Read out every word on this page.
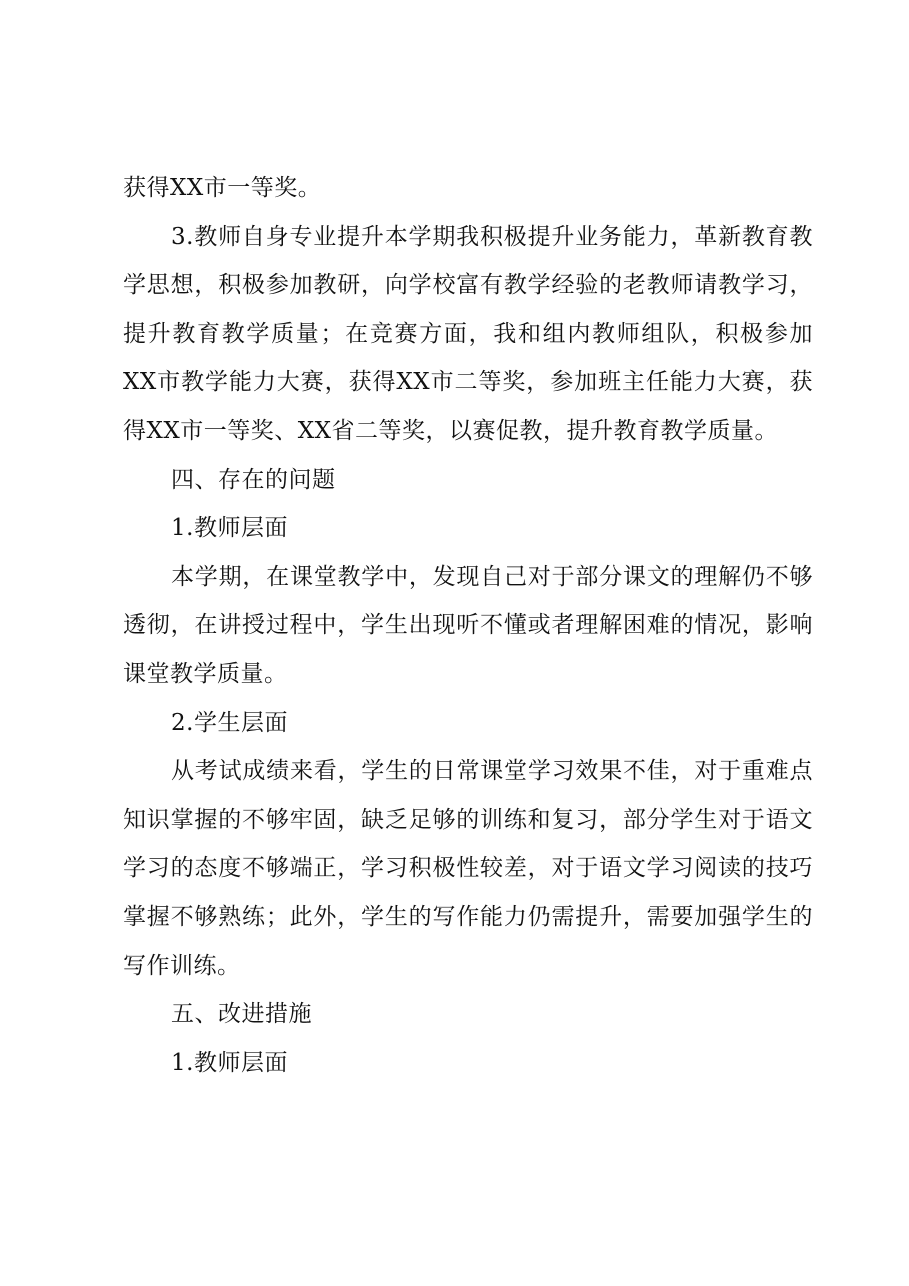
获得XX市一等奖。

3.教师自身专业提升本学期我积极提升业务能力，革新教育教学思想，积极参加教研，向学校富有教学经验的老教师请教学习，提升教育教学质量；在竞赛方面，我和组内教师组队，积极参加XX市教学能力大赛，获得XX市二等奖，参加班主任能力大赛，获得XX市一等奖、XX省二等奖，以赛促教，提升教育教学质量。

四、存在的问题

1.教师层面

本学期，在课堂教学中，发现自己对于部分课文的理解仍不够透彻，在讲授过程中，学生出现听不懂或者理解困难的情况，影响课堂教学质量。

2.学生层面

从考试成绩来看，学生的日常课堂学习效果不佳，对于重难点知识掌握的不够牢固，缺乏足够的训练和复习，部分学生对于语文学习的态度不够端正，学习积极性较差，对于语文学习阅读的技巧掌握不够熟练；此外，学生的写作能力仍需提升，需要加强学生的写作训练。

五、改进措施

1.教师层面
